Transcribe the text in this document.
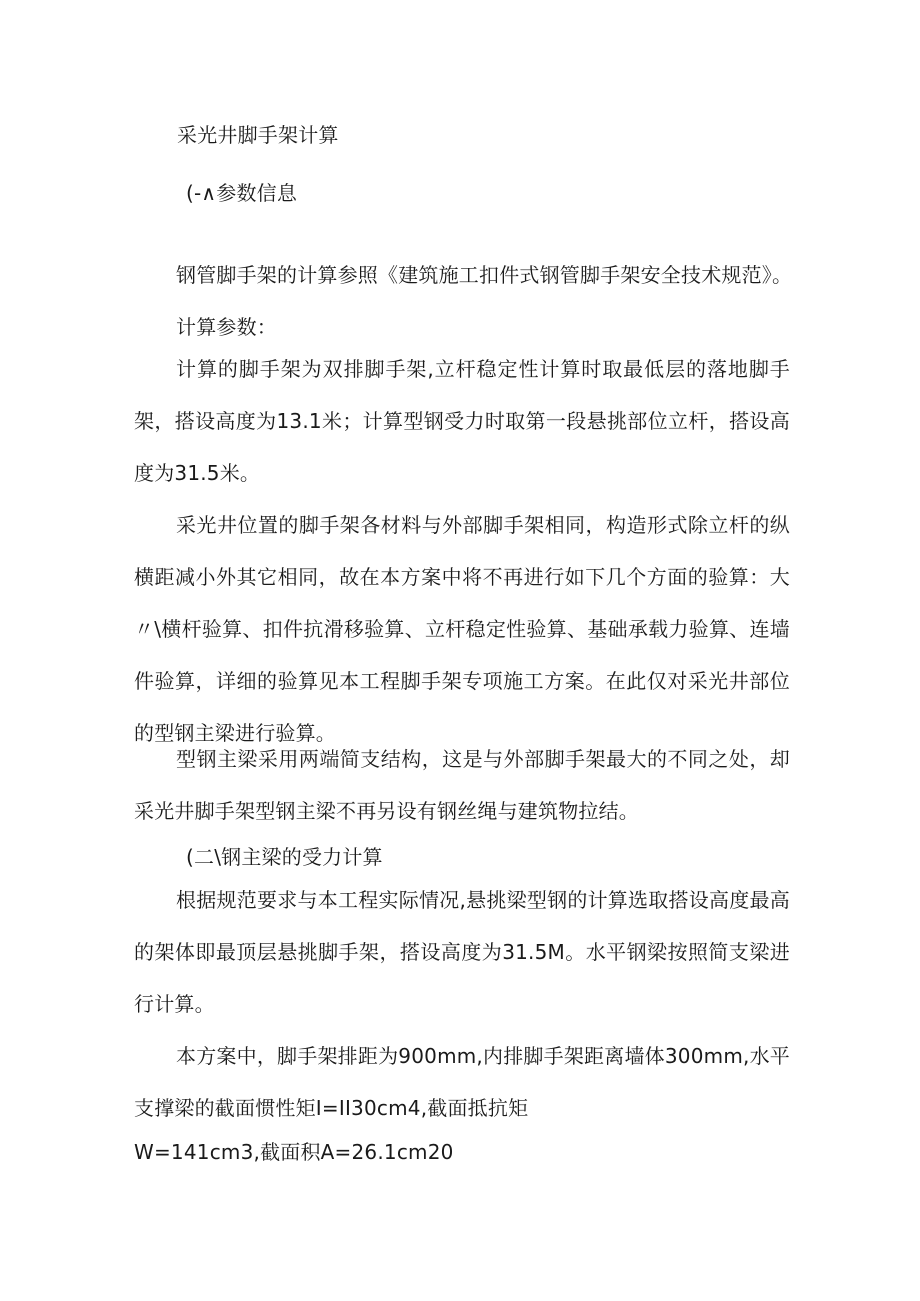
采光井脚手架计算
(-∧参数信息
钢管脚手架的计算参照《建筑施工扣件式钢管脚手架安全技术规范》。
计算参数：
计算的脚手架为双排脚手架,立杆稳定性计算时取最低层的落地脚手架，搭设高度为13.1米；计算型钢受力时取第一段悬挑部位立杆，搭设高度为31.5米。
采光井位置的脚手架各材料与外部脚手架相同，构造形式除立杆的纵横距减小外其它相同，故在本方案中将不再进行如下几个方面的验算：大〃\横杆验算、扣件抗滑移验算、立杆稳定性验算、基础承载力验算、连墙件验算，详细的验算见本工程脚手架专项施工方案。在此仅对采光井部位的型钢主梁进行验算。
型钢主梁采用两端简支结构，这是与外部脚手架最大的不同之处，却采光井脚手架型钢主梁不再另设有钢丝绳与建筑物拉结。
(二\钢主梁的受力计算
根据规范要求与本工程实际情况,悬挑梁型钢的计算选取搭设高度最高的架体即最顶层悬挑脚手架，搭设高度为31.5M。水平钢梁按照简支梁进行计算。
本方案中，脚手架排距为900mm,内排脚手架距离墙体300mm,水平支撑梁的截面惯性矩I=II30cm4,截面抵抗矩
W=141cm3,截面积A=26.1cm20
